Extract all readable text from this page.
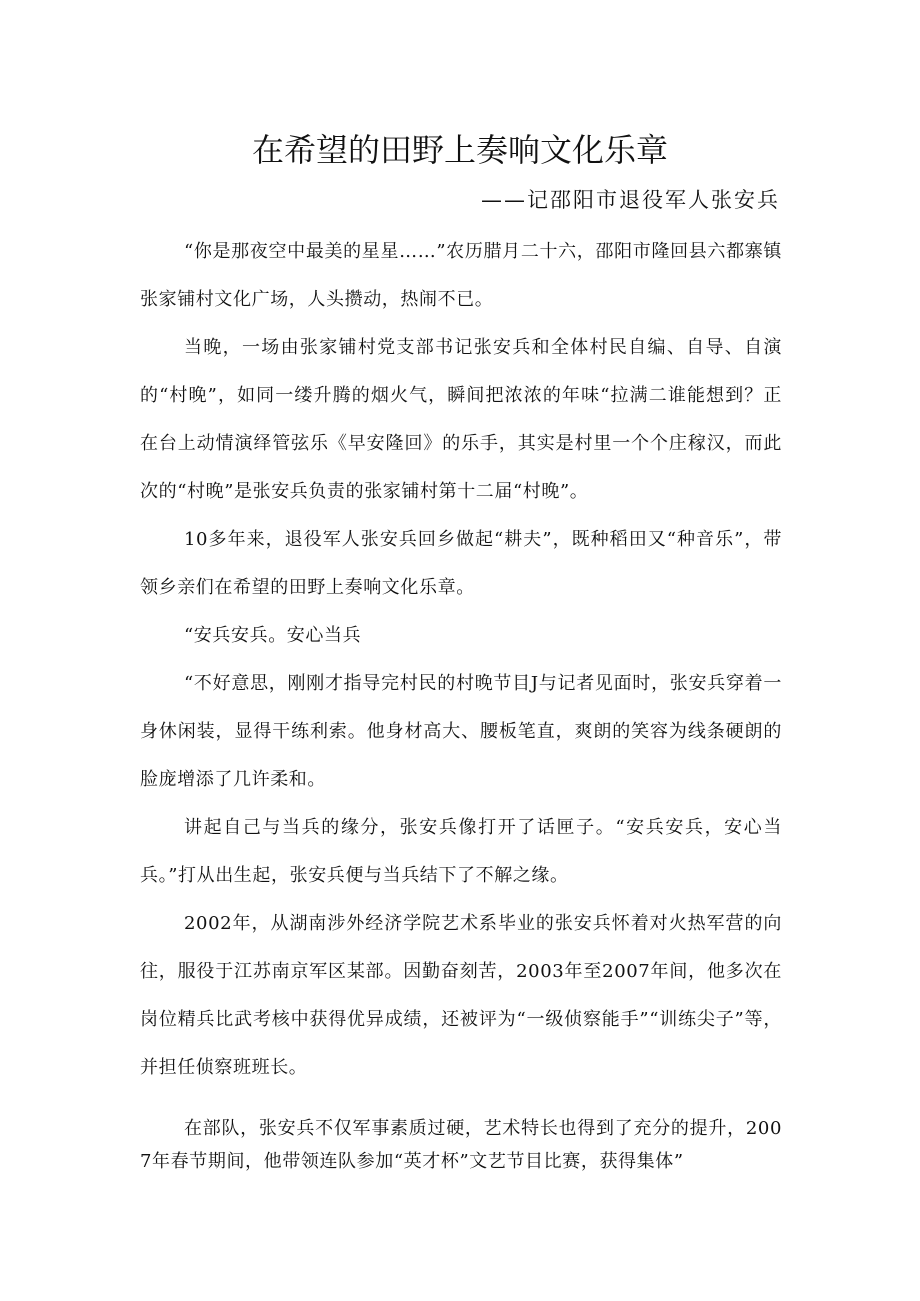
在希望的田野上奏响文化乐章
——记邵阳市退役军人张安兵

“你是那夜空中最美的星星……”农历腊月二十六，邵阳市隆回县六都寨镇张家铺村文化广场，人头攒动，热闹不已。

当晚，一场由张家铺村党支部书记张安兵和全体村民自编、自导、自演的“村晚”，如同一缕升腾的烟火气，瞬间把浓浓的年味“拉满二谁能想到？正在台上动情演绎管弦乐《早安隆回》的乐手，其实是村里一个个庄稼汉，而此次的“村晚”是张安兵负责的张家铺村第十二届“村晚”。

10多年来，退役军人张安兵回乡做起“耕夫”，既种稻田又“种音乐”，带领乡亲们在希望的田野上奏响文化乐章。

“安兵安兵。安心当兵

“不好意思，刚刚才指导完村民的村晚节目J与记者见面时，张安兵穿着一身休闲装，显得干练利索。他身材高大、腰板笔直，爽朗的笑容为线条硬朗的脸庞增添了几许柔和。

讲起自己与当兵的缘分，张安兵像打开了话匣子。“安兵安兵，安心当兵。”打从出生起，张安兵便与当兵结下了不解之缘。

2002年，从湖南涉外经济学院艺术系毕业的张安兵怀着对火热军营的向往，服役于江苏南京军区某部。因勤奋刻苦，2003年至2007年间，他多次在岗位精兵比武考核中获得优异成绩，还被评为“一级侦察能手”“训练尖子”等，并担任侦察班班长。

在部队，张安兵不仅军事素质过硬，艺术特长也得到了充分的提升，2007年春节期间，他带领连队参加“英才杯”文艺节目比赛，获得集体”
